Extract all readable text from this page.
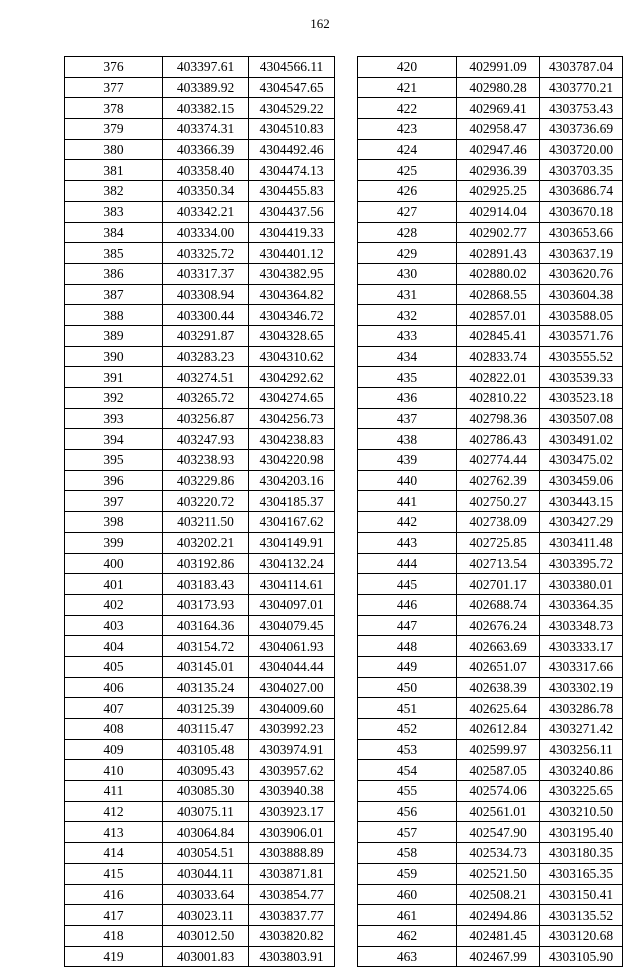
162
376	403397.61	4304566.11
377	403389.92	4304547.65
378	403382.15	4304529.22
379	403374.31	4304510.83
380	403366.39	4304492.46
381	403358.40	4304474.13
382	403350.34	4304455.83
383	403342.21	4304437.56
384	403334.00	4304419.33
385	403325.72	4304401.12
386	403317.37	4304382.95
387	403308.94	4304364.82
388	403300.44	4304346.72
389	403291.87	4304328.65
390	403283.23	4304310.62
391	403274.51	4304292.62
392	403265.72	4304274.65
393	403256.87	4304256.73
394	403247.93	4304238.83
395	403238.93	4304220.98
396	403229.86	4304203.16
397	403220.72	4304185.37
398	403211.50	4304167.62
399	403202.21	4304149.91
400	403192.86	4304132.24
401	403183.43	4304114.61
402	403173.93	4304097.01
403	403164.36	4304079.45
404	403154.72	4304061.93
405	403145.01	4304044.44
406	403135.24	4304027.00
407	403125.39	4304009.60
408	403115.47	4303992.23
409	403105.48	4303974.91
410	403095.43	4303957.62
411	403085.30	4303940.38
412	403075.11	4303923.17
413	403064.84	4303906.01
414	403054.51	4303888.89
415	403044.11	4303871.81
416	403033.64	4303854.77
417	403023.11	4303837.77
418	403012.50	4303820.82
419	403001.83	4303803.91
420	402991.09	4303787.04
421	402980.28	4303770.21
422	402969.41	4303753.43
423	402958.47	4303736.69
424	402947.46	4303720.00
425	402936.39	4303703.35
426	402925.25	4303686.74
427	402914.04	4303670.18
428	402902.77	4303653.66
429	402891.43	4303637.19
430	402880.02	4303620.76
431	402868.55	4303604.38
432	402857.01	4303588.05
433	402845.41	4303571.76
434	402833.74	4303555.52
435	402822.01	4303539.33
436	402810.22	4303523.18
437	402798.36	4303507.08
438	402786.43	4303491.02
439	402774.44	4303475.02
440	402762.39	4303459.06
441	402750.27	4303443.15
442	402738.09	4303427.29
443	402725.85	4303411.48
444	402713.54	4303395.72
445	402701.17	4303380.01
446	402688.74	4303364.35
447	402676.24	4303348.73
448	402663.69	4303333.17
449	402651.07	4303317.66
450	402638.39	4303302.19
451	402625.64	4303286.78
452	402612.84	4303271.42
453	402599.97	4303256.11
454	402587.05	4303240.86
455	402574.06	4303225.65
456	402561.01	4303210.50
457	402547.90	4303195.40
458	402534.73	4303180.35
459	402521.50	4303165.35
460	402508.21	4303150.41
461	402494.86	4303135.52
462	402481.45	4303120.68
463	402467.99	4303105.90
